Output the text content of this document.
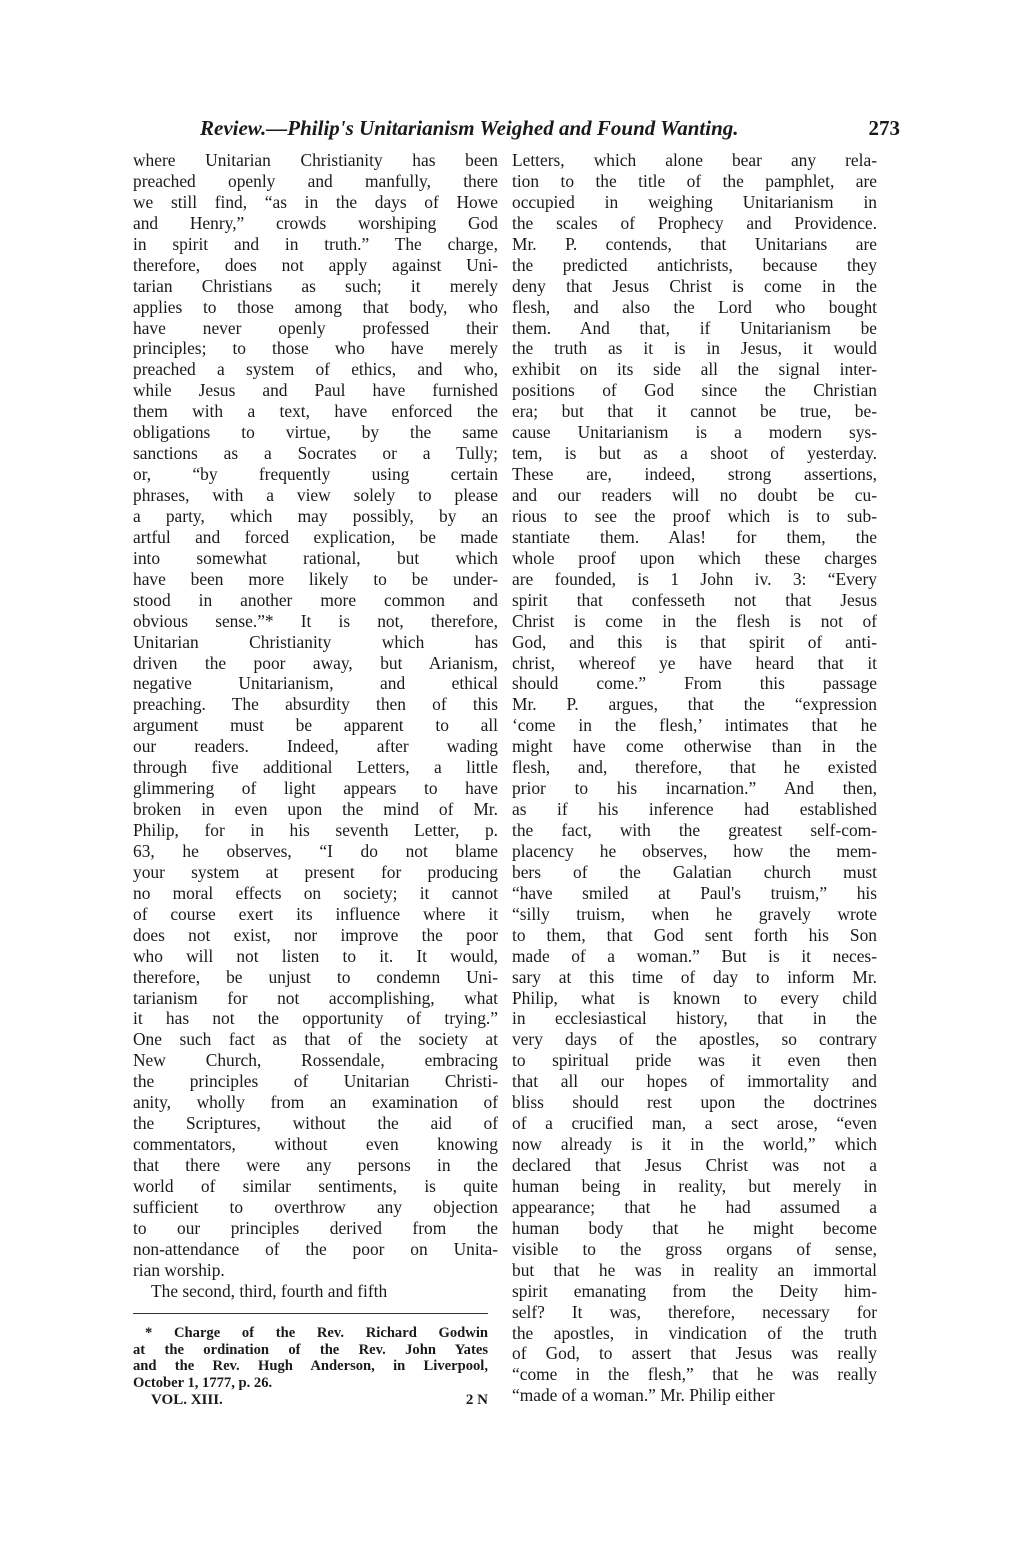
Review.—Philip's Unitarianism Weighed and Found Wanting.	273
where Unitarian Christianity has been
preached openly and manfully, there
we still find, “as in the days of Howe
and Henry,” crowds worshiping God
in spirit and in truth.” The charge,
therefore, does not apply against Uni-
tarian Christians as such; it merely
applies to those among that body, who
have never openly professed their
principles; to those who have merely
preached a system of ethics, and who,
while Jesus and Paul have furnished
them with a text, have enforced the
obligations to virtue, by the same
sanctions as a Socrates or a Tully;
or, “by frequently using certain
phrases, with a view solely to please
a party, which may possibly, by an
artful and forced explication, be made
into somewhat rational, but which
have been more likely to be under-
stood in another more common and
obvious sense.”* It is not, therefore,
Unitarian Christianity which has
driven the poor away, but Arianism,
negative Unitarianism, and ethical
preaching. The absurdity then of this
argument must be apparent to all
our readers. Indeed, after wading
through five additional Letters, a little
glimmering of light appears to have
broken in even upon the mind of Mr.
Philip, for in his seventh Letter, p.
63, he observes, “I do not blame
your system at present for producing
no moral effects on society; it cannot
of course exert its influence where it
does not exist, nor improve the poor
who will not listen to it. It would,
therefore, be unjust to condemn Uni-
tarianism for not accomplishing, what
it has not the opportunity of trying.”
One such fact as that of the society at
New Church, Rossendale, embracing
the principles of Unitarian Christi-
anity, wholly from an examination of
the Scriptures, without the aid of
commentators, without even knowing
that there were any persons in the
world of similar sentiments, is quite
sufficient to overthrow any objection
to our principles derived from the
non-attendance of the poor on Unita-
rian worship.
The second, third, fourth and fifth
Letters, which alone bear any rela-
tion to the title of the pamphlet, are
occupied in weighing Unitarianism in
the scales of Prophecy and Providence.
Mr. P. contends, that Unitarians are
the predicted antichrists, because they
deny that Jesus Christ is come in the
flesh, and also the Lord who bought
them. And that, if Unitarianism be
the truth as it is in Jesus, it would
exhibit on its side all the signal inter-
positions of God since the Christian
era; but that it cannot be true, be-
cause Unitarianism is a modern sys-
tem, is but as a shoot of yesterday.
These are, indeed, strong assertions,
and our readers will no doubt be cu-
rious to see the proof which is to sub-
stantiate them. Alas! for them, the
whole proof upon which these charges
are founded, is 1 John iv. 3: “Every
spirit that confesseth not that Jesus
Christ is come in the flesh is not of
God, and this is that spirit of anti-
christ, whereof ye have heard that it
should come.” From this passage
Mr. P. argues, that the “expression
‘come in the flesh,’ intimates that he
might have come otherwise than in the
flesh, and, therefore, that he existed
prior to his incarnation.” And then,
as if his inference had established
the fact, with the greatest self-com-
placency he observes, how the mem-
bers of the Galatian church must
“have smiled at Paul's truism,” his
“silly truism, when he gravely wrote
to them, that God sent forth his Son
made of a woman.” But is it neces-
sary at this time of day to inform Mr.
Philip, what is known to every child
in ecclesiastical history, that in the
very days of the apostles, so contrary
to spiritual pride was it even then
that all our hopes of immortality and
bliss should rest upon the doctrines
of a crucified man, a sect arose, “even
now already is it in the world,” which
declared that Jesus Christ was not a
human being in reality, but merely in
appearance; that he had assumed a
human body that he might become
visible to the gross organs of sense,
but that he was in reality an immortal
spirit emanating from the Deity him-
self? It was, therefore, necessary for
the apostles, in vindication of the truth
of God, to assert that Jesus was really
“come in the flesh,” that he was really
“made of a woman.” Mr. Philip either
* Charge of the Rev. Richard Godwin
at the ordination of the Rev. John Yates
and the Rev. Hugh Anderson, in Liverpool,
October 1, 1777, p. 26.
VOL. XIII.	2 N
